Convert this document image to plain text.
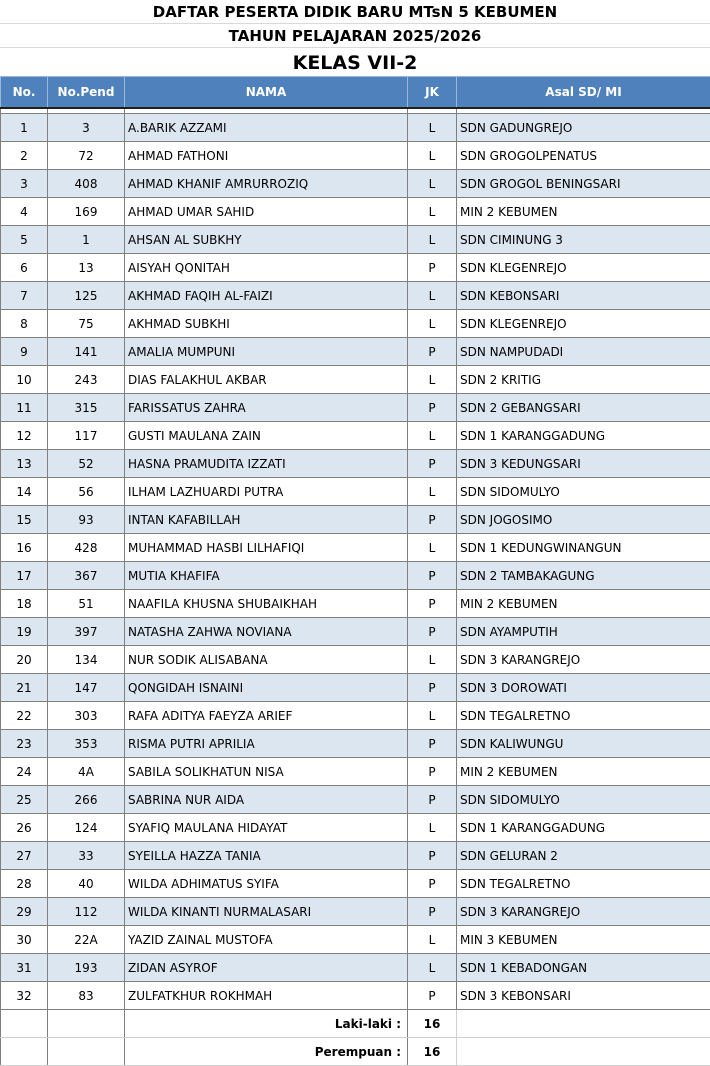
DAFTAR PESERTA DIDIK BARU MTsN 5 KEBUMEN
TAHUN PELAJARAN 2025/2026
KELAS VII-2
No.	No.Pend	NAMA	JK	Asal SD/ MI

1	3	A.BARIK AZZAMI	L	SDN GADUNGREJO
2	72	AHMAD FATHONI	L	SDN GROGOLPENATUS
3	408	AHMAD KHANIF AMRURROZIQ	L	SDN GROGOL BENINGSARI
4	169	AHMAD UMAR SAHID	L	MIN 2 KEBUMEN
5	1	AHSAN AL SUBKHY	L	SDN CIMINUNG 3
6	13	AISYAH QONITAH	P	SDN KLEGENREJO
7	125	AKHMAD FAQIH AL-FAIZI	L	SDN KEBONSARI
8	75	AKHMAD SUBKHI	L	SDN KLEGENREJO
9	141	AMALIA MUMPUNI	P	SDN NAMPUDADI
10	243	DIAS FALAKHUL AKBAR	L	SDN 2 KRITIG
11	315	FARISSATUS ZAHRA	P	SDN 2 GEBANGSARI
12	117	GUSTI MAULANA ZAIN	L	SDN 1 KARANGGADUNG
13	52	HASNA PRAMUDITA IZZATI	P	SDN 3 KEDUNGSARI
14	56	ILHAM LAZHUARDI PUTRA	L	SDN SIDOMULYO
15	93	INTAN KAFABILLAH	P	SDN JOGOSIMO
16	428	MUHAMMAD HASBI LILHAFIQI	L	SDN 1 KEDUNGWINANGUN
17	367	MUTIA KHAFIFA	P	SDN 2 TAMBAKAGUNG
18	51	NAAFILA KHUSNA SHUBAIKHAH	P	MIN 2 KEBUMEN
19	397	NATASHA ZAHWA NOVIANA	P	SDN AYAMPUTIH
20	134	NUR SODIK ALISABANA	L	SDN 3 KARANGREJO
21	147	QONGIDAH ISNAINI	P	SDN 3 DOROWATI
22	303	RAFA ADITYA FAEYZA ARIEF	L	SDN TEGALRETNO
23	353	RISMA PUTRI APRILIA	P	SDN KALIWUNGU
24	4A	SABILA SOLIKHATUN NISA	P	MIN 2 KEBUMEN
25	266	SABRINA NUR AIDA	P	SDN SIDOMULYO
26	124	SYAFIQ MAULANA HIDAYAT	L	SDN 1 KARANGGADUNG
27	33	SYEILLA HAZZA TANIA	P	SDN GELURAN 2
28	40	WILDA ADHIMATUS SYIFA	P	SDN TEGALRETNO
29	112	WILDA KINANTI NURMALASARI	P	SDN 3 KARANGREJO
30	22A	YAZID ZAINAL MUSTOFA	L	MIN 3 KEBUMEN
31	193	ZIDAN ASYROF	L	SDN 1 KEBADONGAN
32	83	ZULFATKHUR ROKHMAH	P	SDN 3 KEBONSARI
		Laki-laki :	16	
		Perempuan :	16	
